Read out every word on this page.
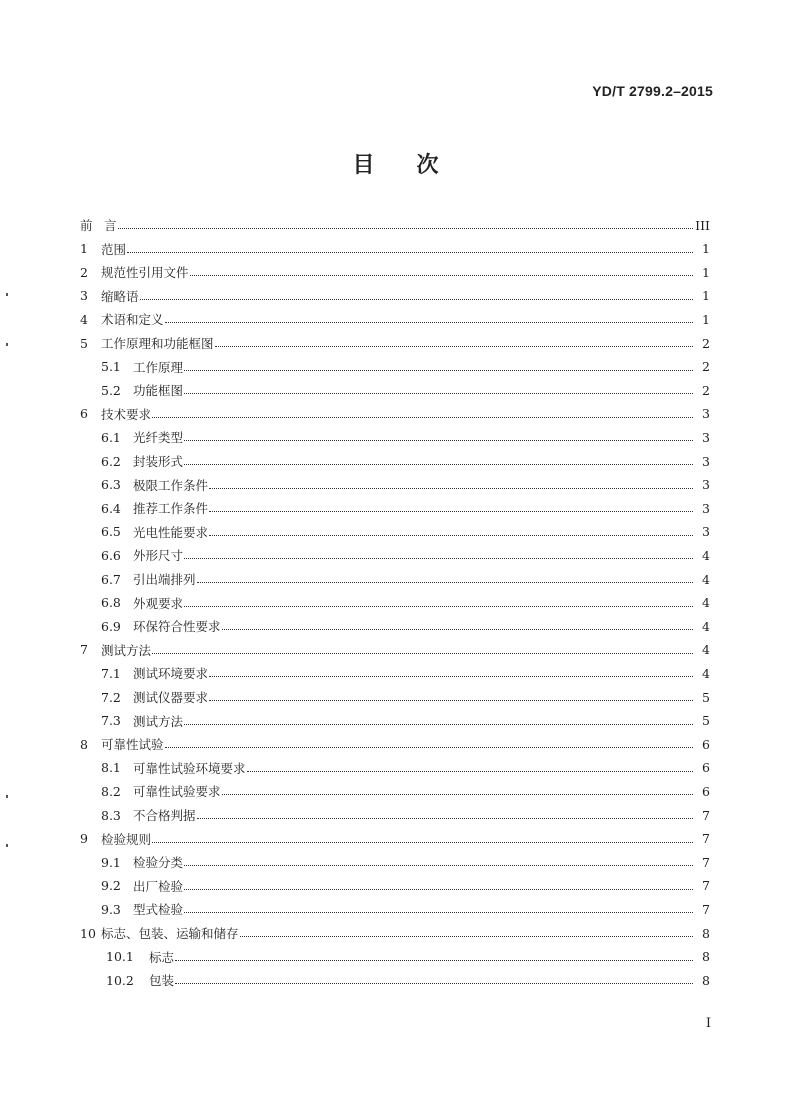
YD/T 2799.2–2015
目 次
前 言	III
1	范围	1
2	规范性引用文件	1
3	缩略语	1
4	术语和定义	1
5	工作原理和功能框图	2
5.1 工作原理	2
5.2 功能框图	2
6	技术要求	3
6.1 光纤类型	3
6.2 封装形式	3
6.3 极限工作条件	3
6.4 推荐工作条件	3
6.5 光电性能要求	3
6.6 外形尺寸	4
6.7 引出端排列	4
6.8 外观要求	4
6.9 环保符合性要求	4
7	测试方法	4
7.1 测试环境要求	4
7.2 测试仪器要求	5
7.3 测试方法	5
8	可靠性试验	6
8.1 可靠性试验环境要求	6
8.2 可靠性试验要求	6
8.3 不合格判据	7
9	检验规则	7
9.1 检验分类	7
9.2 出厂检验	7
9.3 型式检验	7
10 标志、包装、运输和储存	8
10.1	标志	8
10.2	包装	8
I
